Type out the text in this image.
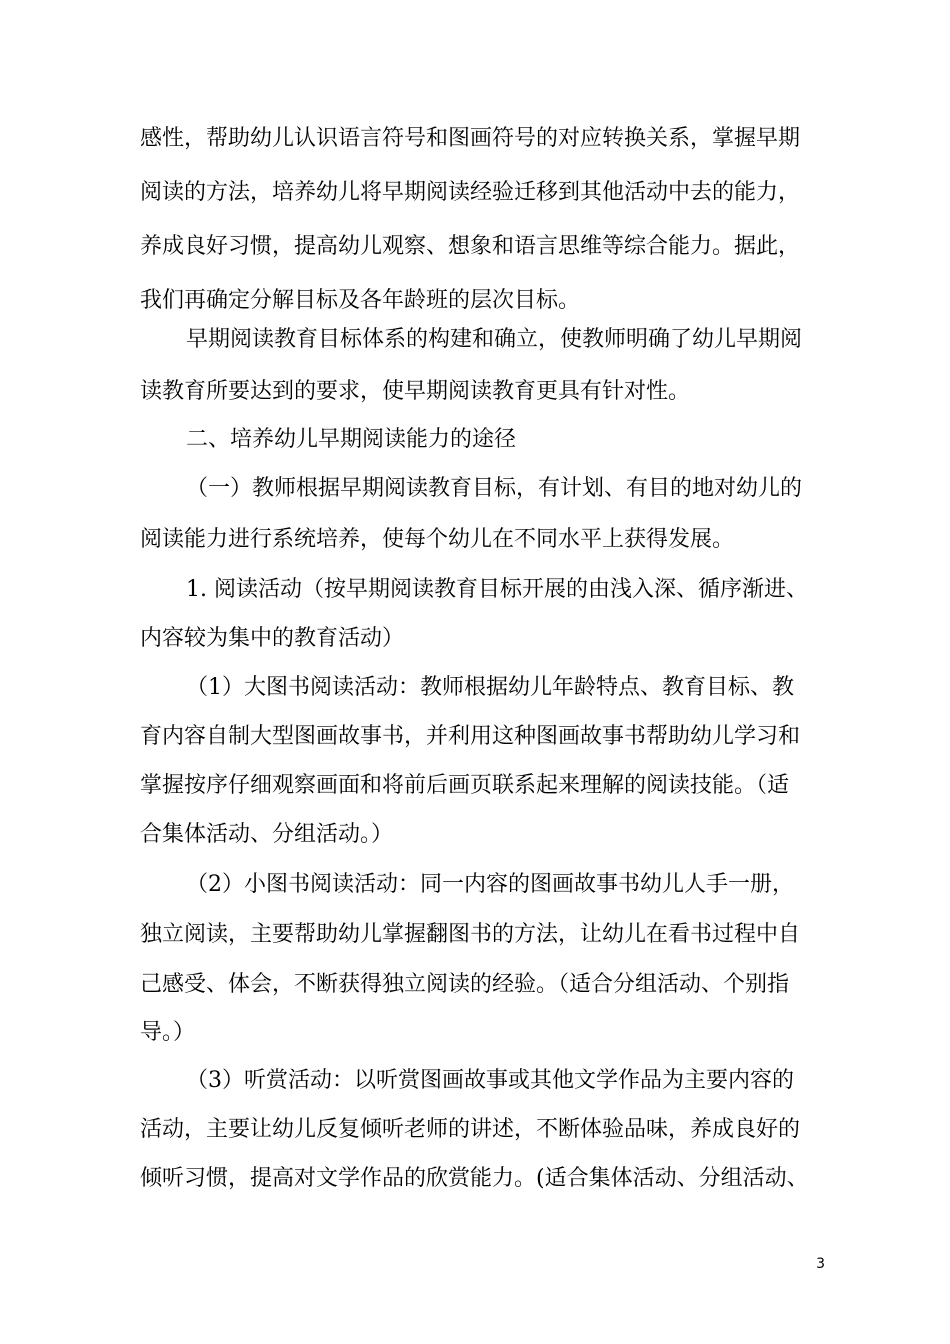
感性，帮助幼儿认识语言符号和图画符号的对应转换关系，掌握早期
阅读的方法，培养幼儿将早期阅读经验迁移到其他活动中去的能力，
养成良好习惯，提高幼儿观察、想象和语言思维等综合能力。据此，
我们再确定分解目标及各年龄班的层次目标。
早期阅读教育目标体系的构建和确立，使教师明确了幼儿早期阅
读教育所要达到的要求，使早期阅读教育更具有针对性。
二、培养幼儿早期阅读能力的途径
（一）教师根据早期阅读教育目标，有计划、有目的地对幼儿的
阅读能力进行系统培养，使每个幼儿在不同水平上获得发展。
1. 阅读活动（按早期阅读教育目标开展的由浅入深、循序渐进、
内容较为集中的教育活动）
（1）大图书阅读活动：教师根据幼儿年龄特点、教育目标、教
育内容自制大型图画故事书，并利用这种图画故事书帮助幼儿学习和
掌握按序仔细观察画面和将前后画页联系起来理解的阅读技能。（适
合集体活动、分组活动。）
（2）小图书阅读活动：同一内容的图画故事书幼儿人手一册，
独立阅读，主要帮助幼儿掌握翻图书的方法，让幼儿在看书过程中自
己感受、体会，不断获得独立阅读的经验。（适合分组活动、个别指
导。）
（3）听赏活动：以听赏图画故事或其他文学作品为主要内容的
活动，主要让幼儿反复倾听老师的讲述，不断体验品味，养成良好的
倾听习惯，提高对文学作品的欣赏能力。(适合集体活动、分组活动、
3
